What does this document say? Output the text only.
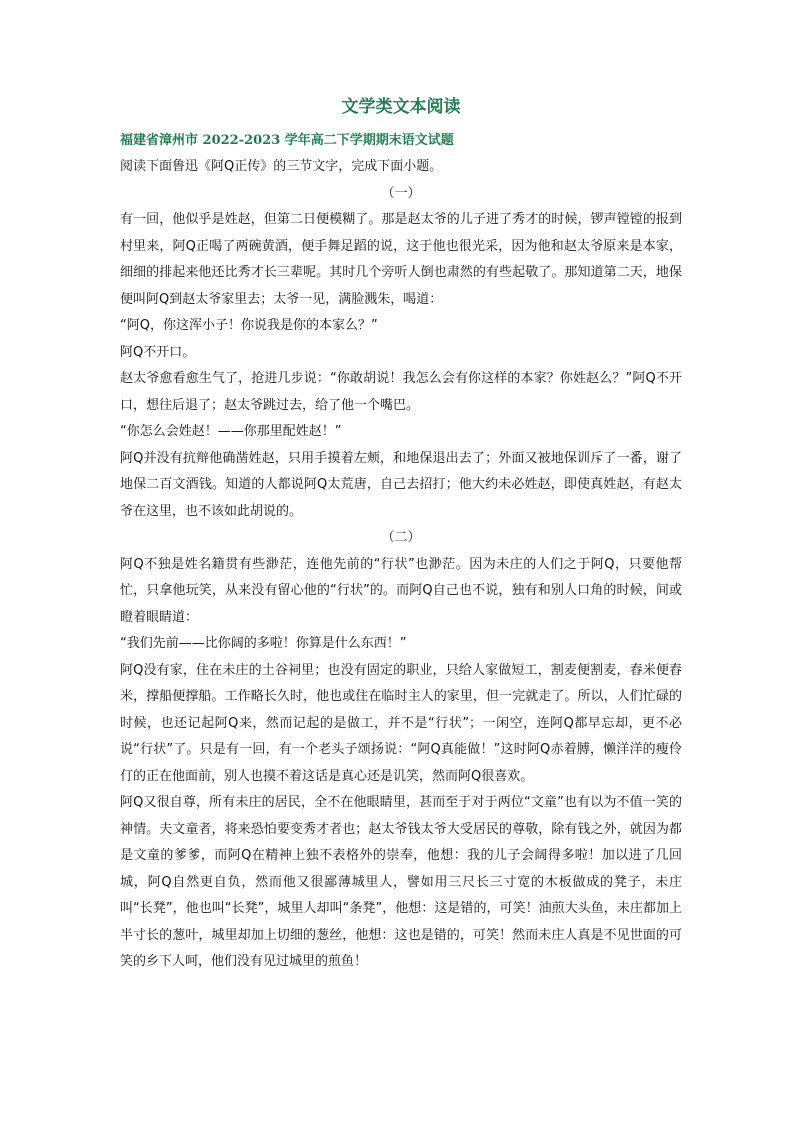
文学类文本阅读
福建省漳州市 2022-2023 学年高二下学期期末语文试题

阅读下面鲁迅《阿Q正传》的三节文字，完成下面小题。

（一）

有一回，他似乎是姓赵，但第二日便模糊了。那是赵太爷的儿子进了秀才的时候，锣声镗镗的报到村里来，阿Q正喝了两碗黄酒，便手舞足蹈的说，这于他也很光采，因为他和赵太爷原来是本家，细细的排起来他还比秀才长三辈呢。其时几个旁听人倒也肃然的有些起敬了。那知道第二天，地保便叫阿Q到赵太爷家里去；太爷一见，满脸溅朱，喝道：

“阿Q，你这浑小子！你说我是你的本家么？”

阿Q不开口。

赵太爷愈看愈生气了，抢进几步说：“你敢胡说！我怎么会有你这样的本家？你姓赵么？”阿Q不开口，想往后退了；赵太爷跳过去，给了他一个嘴巴。

“你怎么会姓赵！——你那里配姓赵！”

阿Q并没有抗辩他确凿姓赵，只用手摸着左颊，和地保退出去了；外面又被地保训斥了一番，谢了地保二百文酒钱。知道的人都说阿Q太荒唐，自己去招打；他大约未必姓赵，即使真姓赵，有赵太爷在这里，也不该如此胡说的。

（二）

阿Q不独是姓名籍贯有些渺茫，连他先前的“行状”也渺茫。因为未庄的人们之于阿Q，只要他帮忙，只拿他玩笑，从来没有留心他的“行状”的。而阿Q自己也不说，独有和别人口角的时候，间或瞪着眼睛道：

“我们先前——比你阔的多啦！你算是什么东西！”

阿Q没有家，住在未庄的土谷祠里；也没有固定的职业，只给人家做短工，割麦便割麦，舂米便舂米，撑船便撑船。工作略长久时，他也或住在临时主人的家里，但一完就走了。所以，人们忙碌的时候，也还记起阿Q来，然而记起的是做工，并不是“行状”；一闲空，连阿Q都早忘却，更不必说“行状”了。只是有一回，有一个老头子颂扬说：“阿Q真能做！”这时阿Q赤着膊，懒洋洋的瘦伶仃的正在他面前，别人也摸不着这话是真心还是讥笑，然而阿Q很喜欢。

阿Q又很自尊，所有未庄的居民，全不在他眼睛里，甚而至于对于两位“文童”也有以为不值一笑的神情。夫文童者，将来恐怕要变秀才者也；赵太爷钱太爷大受居民的尊敬，除有钱之外，就因为都是文童的爹爹，而阿Q在精神上独不表格外的崇奉，他想：我的儿子会阔得多啦！加以进了几回城，阿Q自然更自负，然而他又很鄙薄城里人，譬如用三尺长三寸宽的木板做成的凳子，未庄叫“长凳”，他也叫“长凳”，城里人却叫“条凳”，他想：这是错的，可笑！油煎大头鱼，未庄都加上半寸长的葱叶，城里却加上切细的葱丝，他想：这也是错的，可笑！然而未庄人真是不见世面的可笑的乡下人呵，他们没有见过城里的煎鱼！
